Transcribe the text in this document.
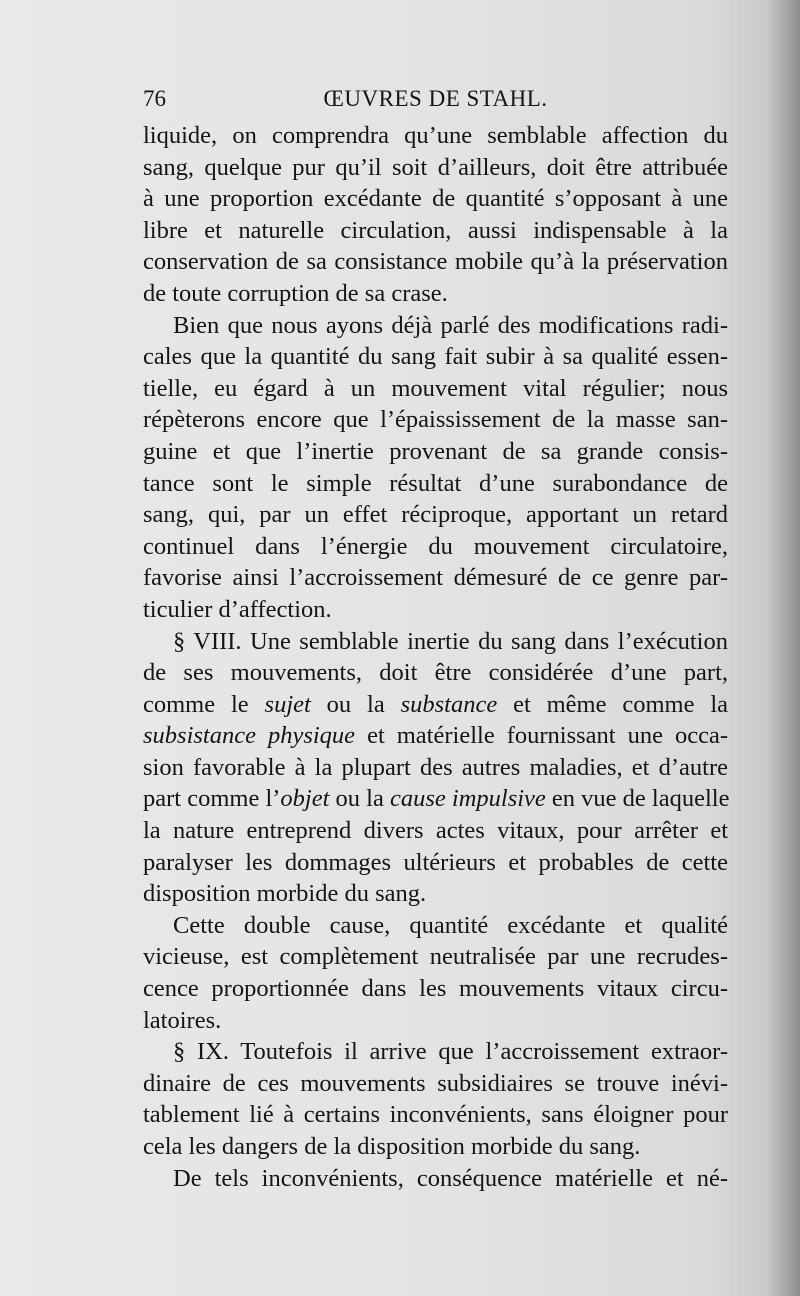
76	ŒUVRES DE STAHL.
liquide, on comprendra qu’une semblable affection du
sang, quelque pur qu’il soit d’ailleurs, doit être attribuée
à une proportion excédante de quantité s’opposant à une
libre et naturelle circulation, aussi indispensable à la
conservation de sa consistance mobile qu’à la préservation
de toute corruption de sa crase.
Bien que nous ayons déjà parlé des modifications radi-
cales que la quantité du sang fait subir à sa qualité essen-
tielle, eu égard à un mouvement vital régulier; nous
répèterons encore que l’épaississement de la masse san-
guine et que l’inertie provenant de sa grande consis-
tance sont le simple résultat d’une surabondance de
sang, qui, par un effet réciproque, apportant un retard
continuel dans l’énergie du mouvement circulatoire,
favorise ainsi l’accroissement démesuré de ce genre par-
ticulier d’affection.
§ VIII. Une semblable inertie du sang dans l’exécution
de ses mouvements, doit être considérée d’une part,
comme le sujet ou la substance et même comme la
subsistance physique et matérielle fournissant une occa-
sion favorable à la plupart des autres maladies, et d’autre
part comme l’objet ou la cause impulsive en vue de laquelle
la nature entreprend divers actes vitaux, pour arrêter et
paralyser les dommages ultérieurs et probables de cette
disposition morbide du sang.
Cette double cause, quantité excédante et qualité
vicieuse, est complètement neutralisée par une recrudes-
cence proportionnée dans les mouvements vitaux circu-
latoires.
§ IX. Toutefois il arrive que l’accroissement extraor-
dinaire de ces mouvements subsidiaires se trouve inévi-
tablement lié à certains inconvénients, sans éloigner pour
cela les dangers de la disposition morbide du sang.
De tels inconvénients, conséquence matérielle et né-
